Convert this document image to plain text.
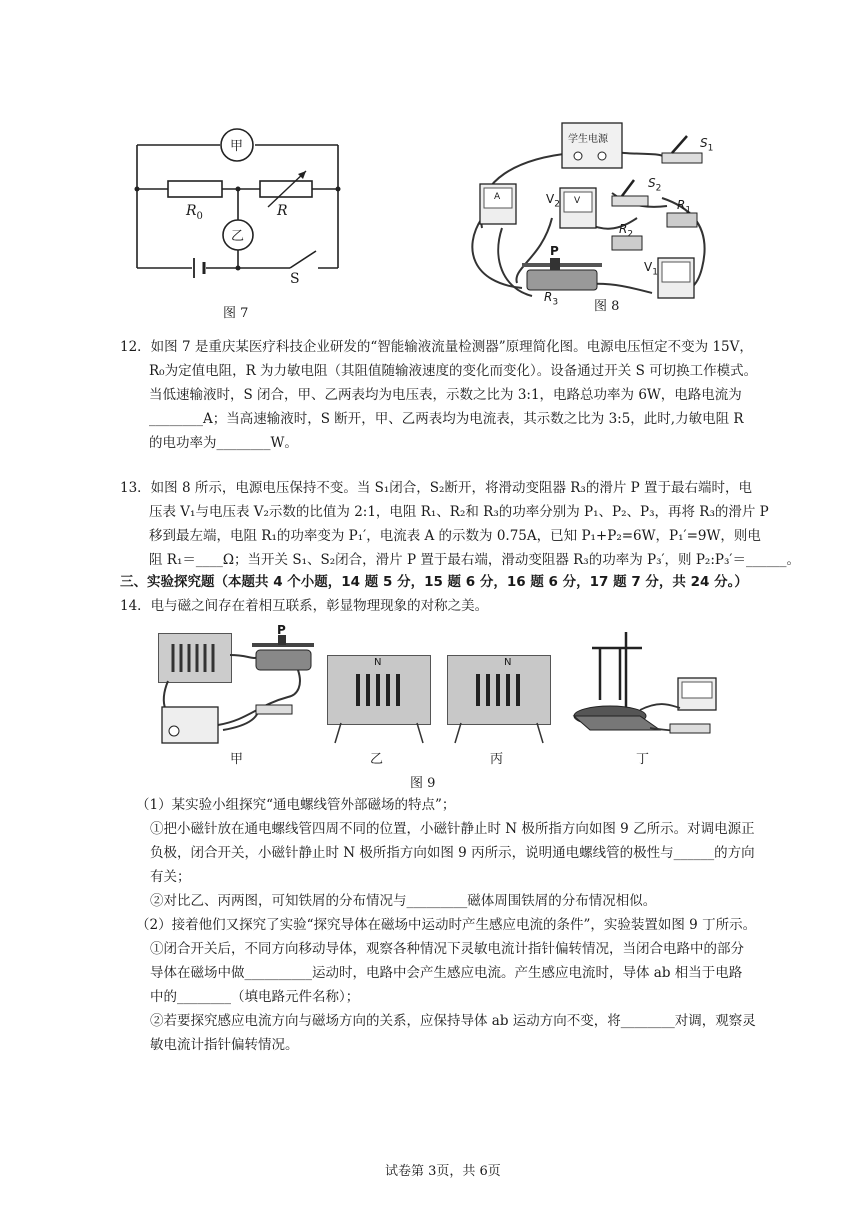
甲
乙
$R_0$	R
S
图 7
学生电源	$S_1$
$S_2$
$R_1$
$R_2$
$R_3$
$V_1$
$V_2$
P
A	V
图 8
12．如图 7 是重庆某医疗科技企业研发的“智能输液流量检测器”原理简化图。电源电压恒定不变为 15V，
R₀为定值电阻，R 为力敏电阻（其阻值随输液速度的变化而变化）。设备通过开关 S 可切换工作模式。
当低速输液时，S 闭合，甲、乙两表均为电压表，示数之比为 3:1，电路总功率为 6W，电路电流为
________A；当高速输液时，S 断开，甲、乙两表均为电流表，其示数之比为 3:5，此时,力敏电阻 R
的电功率为________W。
13．如图 8 所示，电源电压保持不变。当 S₁闭合，S₂断开，将滑动变阻器 R₃的滑片 P 置于最右端时，电
压表 V₁与电压表 V₂示数的比值为 2:1，电阻 R₁、R₂和 R₃的功率分别为 P₁、P₂、P₃，再将 R₃的滑片 P
移到最左端，电阻 R₁的功率变为 P₁′，电流表 A 的示数为 0.75A，已知 P₁+P₂=6W，P₁′=9W，则电
阻 R₁＝____Ω；当开关 S₁、S₂闭合，滑片 P 置于最右端，滑动变阻器 R₃的功率为 P₃′，则 P₂:P₃′＝______。
三、实验探究题（本题共 4 个小题，14 题 5 分，15 题 6 分，16 题 6 分，17 题 7 分，共 24 分。）
14．电与磁之间存在着相互联系，彰显物理现象的对称之美。
P
N	N
甲	乙	丙	丁
图 9
（1）某实验小组探究“通电螺线管外部磁场的特点”；
①把小磁针放在通电螺线管四周不同的位置，小磁针静止时 N 极所指方向如图 9 乙所示。对调电源正
负极，闭合开关，小磁针静止时 N 极所指方向如图 9 丙所示，说明通电螺线管的极性与______的方向
有关；
②对比乙、丙两图，可知铁屑的分布情况与_________磁体周围铁屑的分布情况相似。
（2）接着他们又探究了实验“探究导体在磁场中运动时产生感应电流的条件”，实验装置如图 9 丁所示。
①闭合开关后，不同方向移动导体，观察各种情况下灵敏电流计指针偏转情况，当闭合电路中的部分
导体在磁场中做__________运动时，电路中会产生感应电流。产生感应电流时，导体 ab 相当于电路
中的________（填电路元件名称）；
②若要探究感应电流方向与磁场方向的关系，应保持导体 ab 运动方向不变，将________对调，观察灵
敏电流计指针偏转情况。
试卷第 3页，共 6页
